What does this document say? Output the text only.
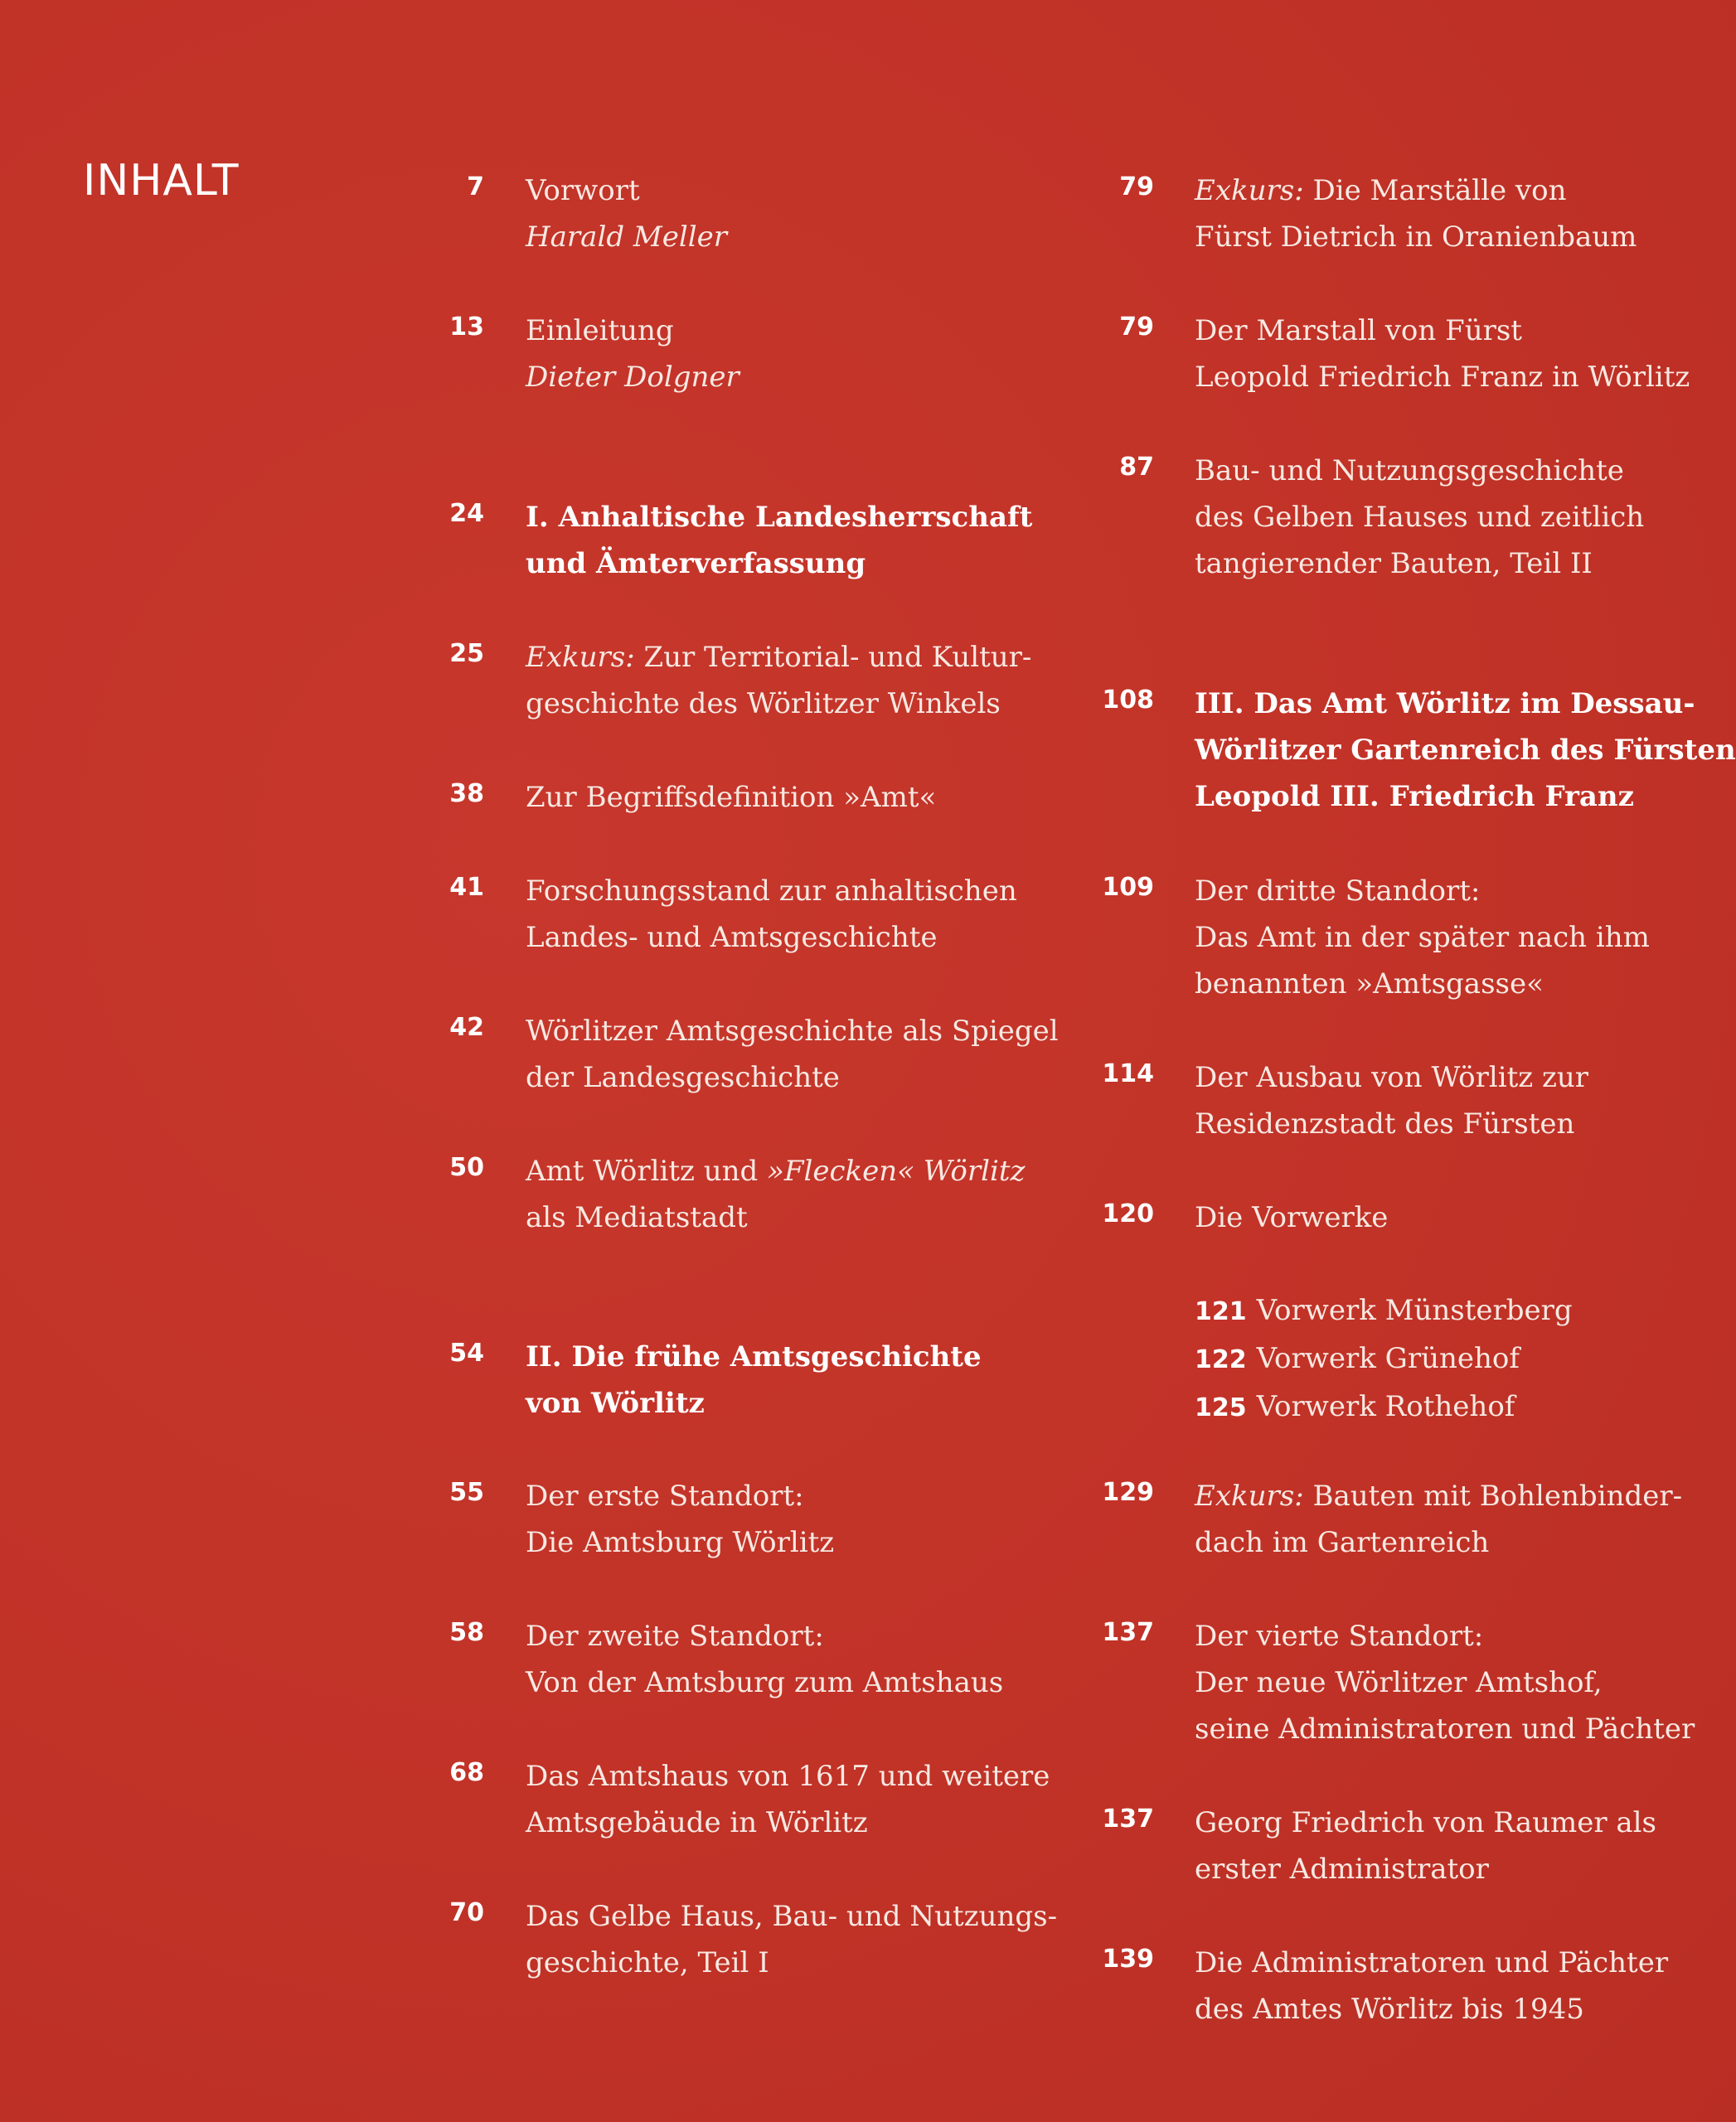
INHALT	7 Vorwort
Harald Meller
13 Einleitung
Dieter Dolgner
24 I. Anhaltische Landesherrschaft
und Ämterverfassung
25 Exkurs: Zur Territorial- und Kultur-
geschichte des Wörlitzer Winkels
38 Zur Begriffsdefinition »Amt«
41 Forschungsstand zur anhaltischen
Landes- und Amtsgeschichte
42 Wörlitzer Amtsgeschichte als Spiegel
der Landesgeschichte
50 Amt Wörlitz und »Flecken« Wörlitz
als Mediatstadt
54 II. Die frühe Amtsgeschichte
von Wörlitz
55 Der erste Standort:
Die Amtsburg Wörlitz
58 Der zweite Standort:
Von der Amtsburg zum Amtshaus
68 Das Amtshaus von 1617 und weitere
Amtsgebäude in Wörlitz
70 Das Gelbe Haus, Bau- und Nutzungs-
geschichte, Teil I
79 Exkurs: Die Marställe von
Fürst Dietrich in Oranienbaum
79 Der Marstall von Fürst
Leopold Friedrich Franz in Wörlitz
87 Bau- und Nutzungsgeschichte
des Gelben Hauses und zeitlich
tangierender Bauten, Teil II
108 III. Das Amt Wörlitz im Dessau-
Wörlitzer Gartenreich des Fürsten
Leopold III. Friedrich Franz
109 Der dritte Standort:
Das Amt in der später nach ihm
benannten »Amtsgasse«
114 Der Ausbau von Wörlitz zur
Residenzstadt des Fürsten
120 Die Vorwerke
121 Vorwerk Münsterberg
122 Vorwerk Grünehof
125 Vorwerk Rothehof
129 Exkurs: Bauten mit Bohlenbinder-
dach im Gartenreich
137 Der vierte Standort:
Der neue Wörlitzer Amtshof,
seine Administratoren und Pächter
137 Georg Friedrich von Raumer als
erster Administrator
139 Die Administratoren und Pächter
des Amtes Wörlitz bis 1945
